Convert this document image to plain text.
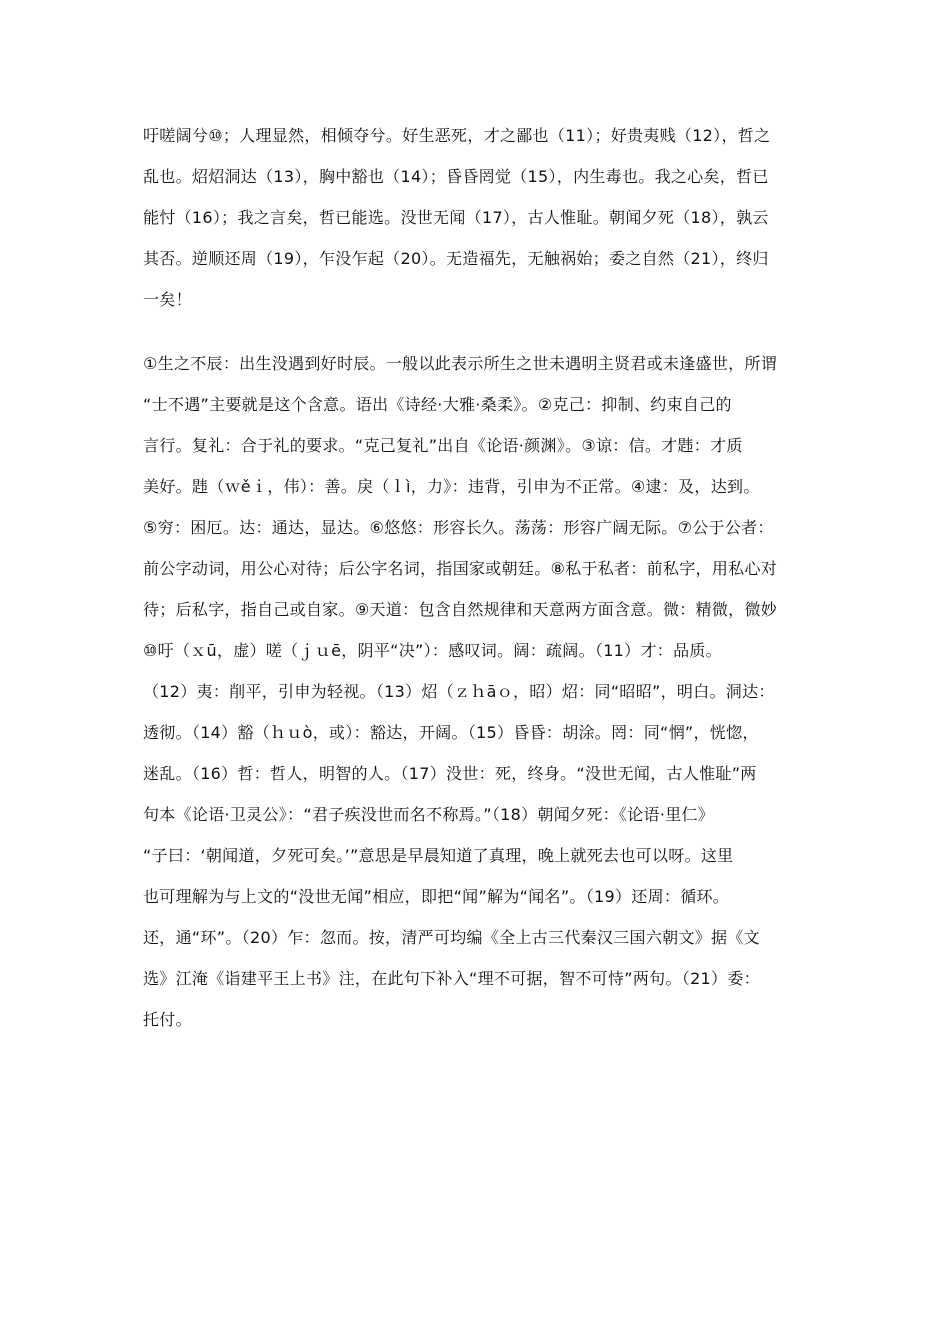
吁嗟阔兮⑩；人理显然，相倾夺兮。好生恶死，才之鄙也（11）；好贵夷贱（12），哲之
乱也。炤炤洞达（13），胸中豁也（14）；昏昏罔觉（15），内生毒也。我之心矣，哲已
能忖（16）；我之言矣，哲已能选。没世无闻（17），古人惟耻。朝闻夕死（18），孰云
其否。逆顺还周（19），乍没乍起（20）。无造福先，无触祸始；委之自然（21），终归
一矣！
①生之不辰：出生没遇到好时辰。一般以此表示所生之世未遇明主贤君或未逢盛世，所谓
“士不遇”主要就是这个含意。语出《诗经·大雅·桑柔》。②克己：抑制、约束自己的
言行。复礼：合于礼的要求。“克己复礼”出自《论语·颜渊》。③谅：信。才韪：才质
美好。韪（ｗěｉ，伟）：善。戾（ｌì，力》：违背，引申为不正常。④逮：及，达到。
⑤穷：困厄。达：通达，显达。⑥悠悠：形容长久。荡荡：形容广阔无际。⑦公于公者：
前公字动词，用公心对待；后公字名词，指国家或朝廷。⑧私于私者：前私字，用私心对
待；后私字，指自己或自家。⑨天道：包含自然规律和天意两方面含意。微：精微，微妙
⑩吁（ｘū，虚）嗟（ｊｕē，阴平“决”）：感叹词。阔：疏阔。（11）才：品质。
（12）夷：削平，引申为轻视。（13）炤（ｚｈāｏ，昭）炤：同“昭昭”，明白。洞达：
透彻。（14）豁（ｈｕò，或）：豁达，开阔。（15）昏昏：胡涂。罔：同“惘”，恍惚，
迷乱。（16）哲：哲人，明智的人。（17）没世：死，终身。“没世无闻，古人惟耻”两
句本《论语·卫灵公》：“君子疾没世而名不称焉。”（18）朝闻夕死：《论语·里仁》
“子曰：‘朝闻道，夕死可矣。’”意思是早晨知道了真理，晚上就死去也可以呀。这里
也可理解为与上文的“没世无闻”相应，即把“闻”解为“闻名”。（19）还周：循环。
还，通“环”。（20）乍：忽而。按，清严可均编《全上古三代秦汉三国六朝文》据《文
选》江淹《诣建平王上书》注，在此句下补入“理不可据，智不可恃”两句。（21）委：
托付。
